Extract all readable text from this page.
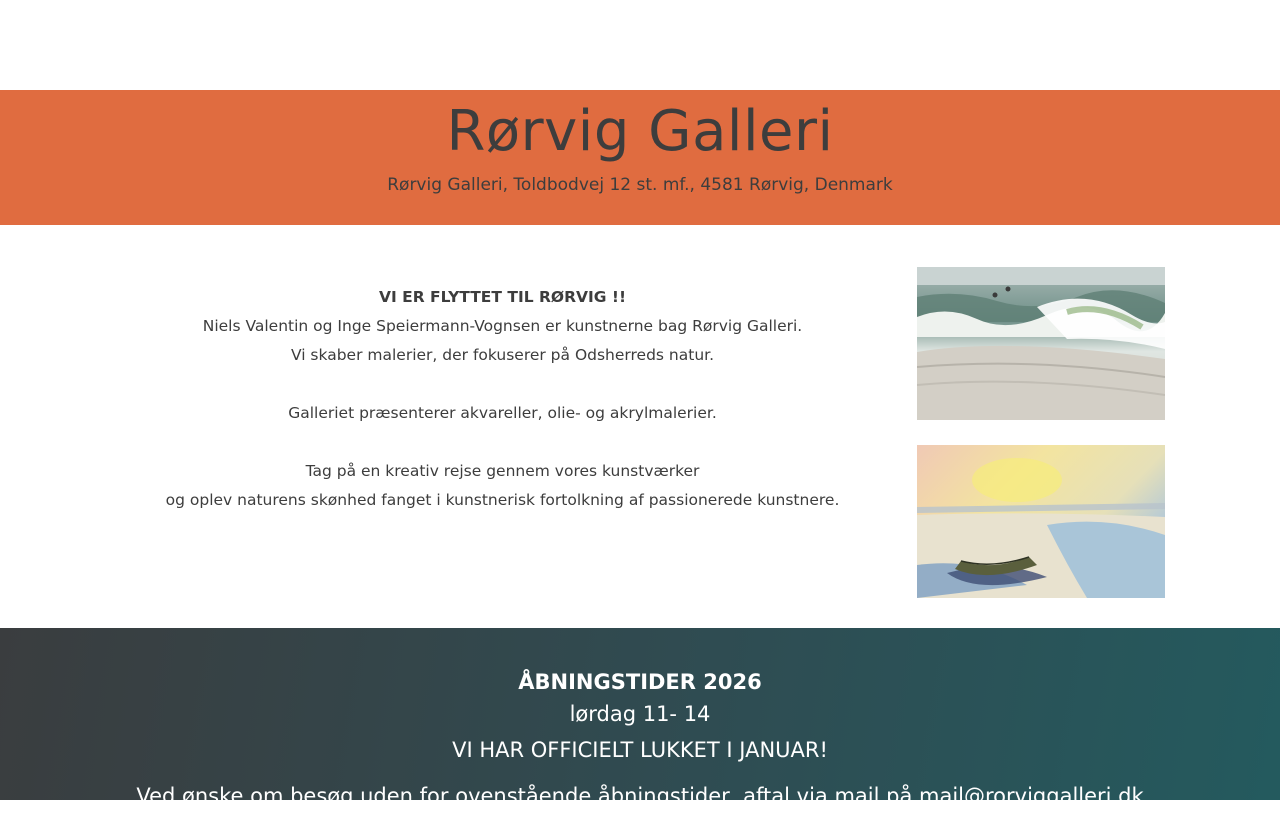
Rørvig Galleri
Rørvig Galleri, Toldbodvej 12 st. mf., 4581 Rørvig, Denmark
VI ER FLYTTET TIL RØRVIG !!
Niels Valentin og Inge Speiermann-Vognsen er kunstnerne bag Rørvig Galleri.
Vi skaber malerier, der fokuserer på Odsherreds natur.
Galleriet præsenterer akvareller, olie- og akrylmalerier.
Tag på en kreativ rejse gennem vores kunstværker
og oplev naturens skønhed fanget i kunstnerisk fortolkning af passionerede kunstnere.
ÅBNINGSTIDER 2026
lørdag 11- 14
VI HAR OFFICIELT LUKKET I JANUAR!
Ved ønske om besøg uden for ovenstående åbningstider, aftal via mail på mail@rorviggalleri.dk
